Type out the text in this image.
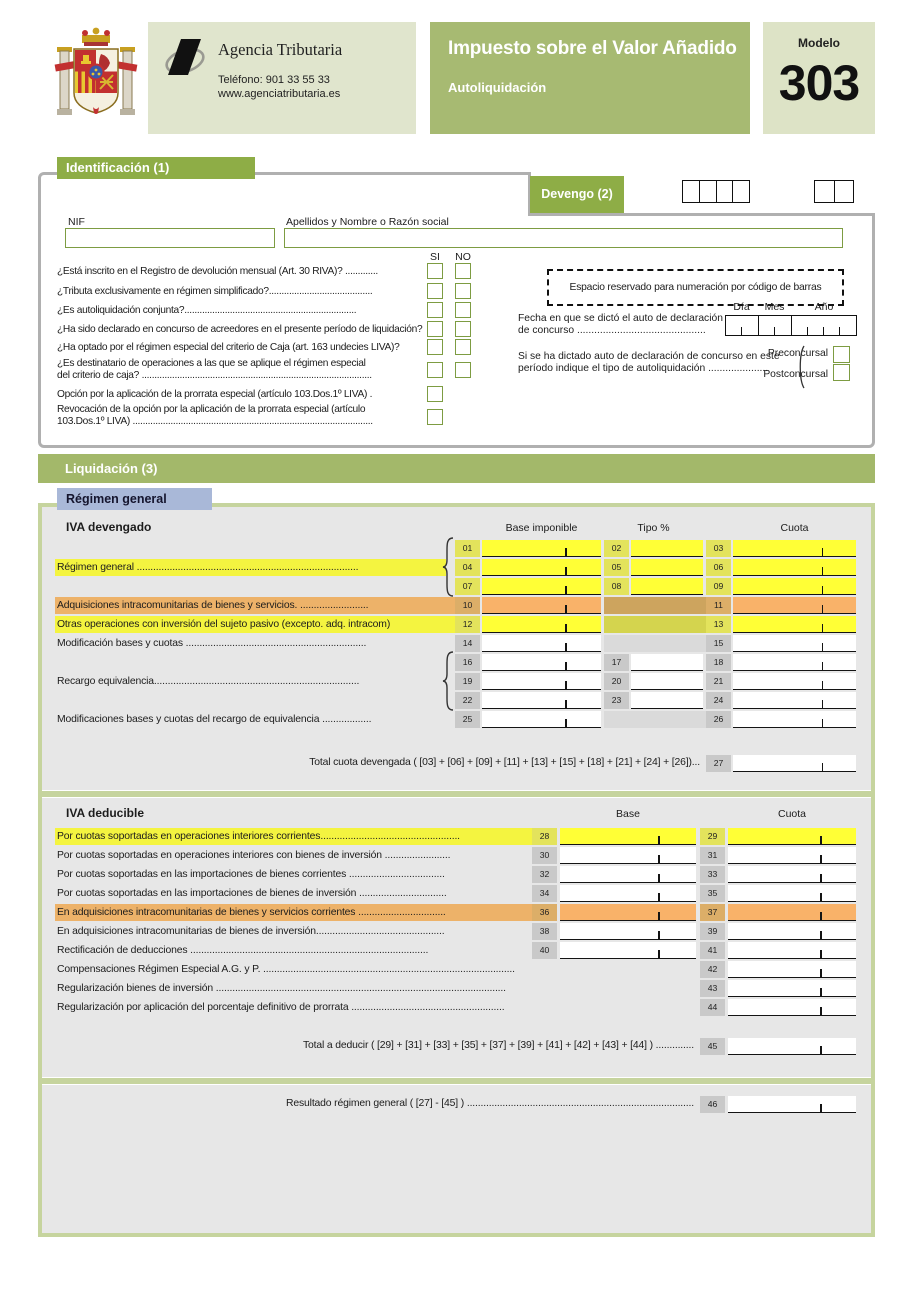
Agencia Tributaria
Teléfono: 901 33 55 33
www.agenciatributaria.es
Impuesto sobre el Valor Añadido
Autoliquidación
Modelo
303
Identificación (1)
Devengo (2)
NIF	Apellidos y Nombre o Razón social
SI NO
Espacio reservado para numeración por código de barras
Fecha en que se dictó el auto de declaración
de concurso .............................................
Día	Mes	Año
Si se ha dictado auto de declaración de concurso en este
período indique el tipo de autoliquidación .....................
Preconcursal
Postconcursal
Liquidación (3)
Régimen general
IVA devengado	Base imponible	Tipo %	Cuota
Total cuota devengada ( [03] + [06] + [09] + [11] + [13] + [15] + [18] + [21] + [24] + [26])...	27
IVA deducible	Base	Cuota
Total a deducir ( [29] + [31] + [33] + [35] + [37] + [39] + [41] + [42] + [43] + [44] ) ..............	45
Resultado régimen general ( [27] - [45] ) ...................................................................................	46
¿Está inscrito en el Registro de devolución mensual (Art. 30 RIVA)? .............
¿Tributa exclusivamente en régimen simplificado?.........................................
¿Es autoliquidación conjunta?....................................................................
¿Ha sido declarado en concurso de acreedores en el presente período de liquidación?
¿Ha optado por el régimen especial del criterio de Caja (art. 163 undecies LIVA)?
¿Es destinatario de operaciones a las que se aplique el régimen especial
del criterio de caja? ...........................................................................................
Opción por la aplicación de la prorrata especial (artículo 103.Dos.1º LIVA) .
Revocación de la opción por la aplicación de la prorrata especial (artículo
103.Dos.1º LIVA) ...............................................................................................
01	02	03
Régimen general .................................................................................	04	05	06
07	08	09
Adquisiciones intracomunitarias de bienes y servicios. .........................	10	11
Otras operaciones con inversión del sujeto pasivo (excepto. adq. intracom)	12	13
Modificación bases y cuotas ..................................................................	14	15
16	17	18
Recargo equivalencia...........................................................................	19	20	21
22	23	24
Modificaciones bases y cuotas del recargo de equivalencia ..................	25	26
Por cuotas soportadas en operaciones interiores corrientes...................................................	28	29
Por cuotas soportadas en operaciones interiores con bienes de inversión ........................	30	31
Por cuotas soportadas en las importaciones de bienes corrientes ...................................	32	33
Por cuotas soportadas en las importaciones de bienes de inversión ................................	34	35
En adquisiciones intracomunitarias de bienes y servicios corrientes ................................	36	37
En adquisiciones intracomunitarias de bienes de inversión...............................................	38	39
Rectificación de deducciones .......................................................................................	40	41
Compensaciones Régimen Especial A.G. y P. ............................................................................................	42
Regularización bienes de inversión ..........................................................................................................	43
Regularización por aplicación del porcentaje definitivo de prorrata ........................................................	44
